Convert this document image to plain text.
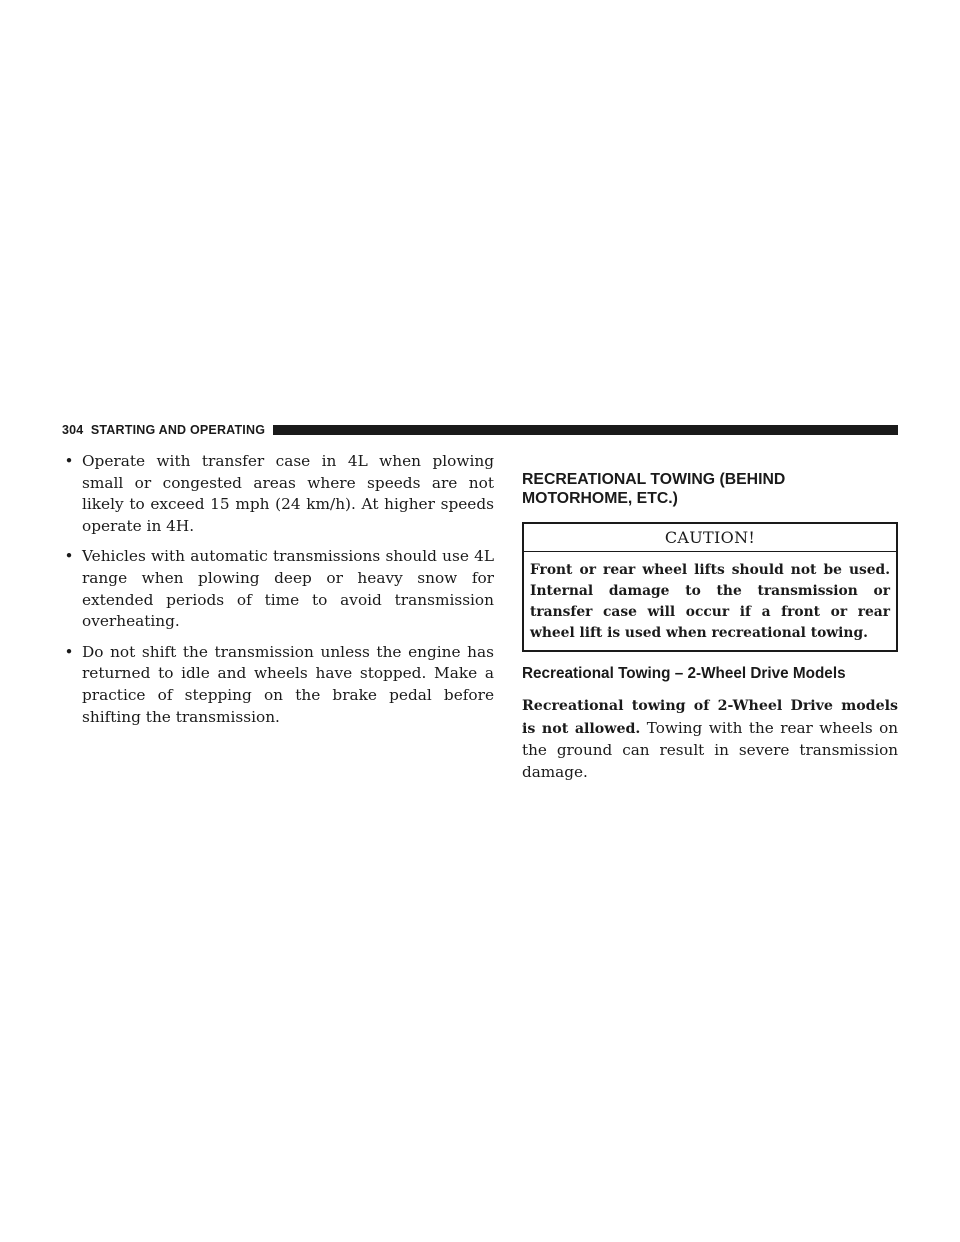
304 STARTING AND OPERATING
• Operate with transfer case in 4L when plowing small or congested areas where speeds are not likely to exceed 15 mph (24 km/h). At higher speeds operate in 4H.
• Vehicles with automatic transmissions should use 4L range when plowing deep or heavy snow for extended periods of time to avoid transmission overheating.
• Do not shift the transmission unless the engine has returned to idle and wheels have stopped. Make a practice of stepping on the brake pedal before shifting the transmission.
RECREATIONAL TOWING (BEHIND
MOTORHOME, ETC.)
CAUTION!
Front or rear wheel lifts should not be used. Internal damage to the transmission or transfer case will occur if a front or rear wheel lift is used when recreational towing.
Recreational Towing – 2-Wheel Drive Models

Recreational towing of 2-Wheel Drive models is not allowed. Towing with the rear wheels on the ground can result in severe transmission damage.
